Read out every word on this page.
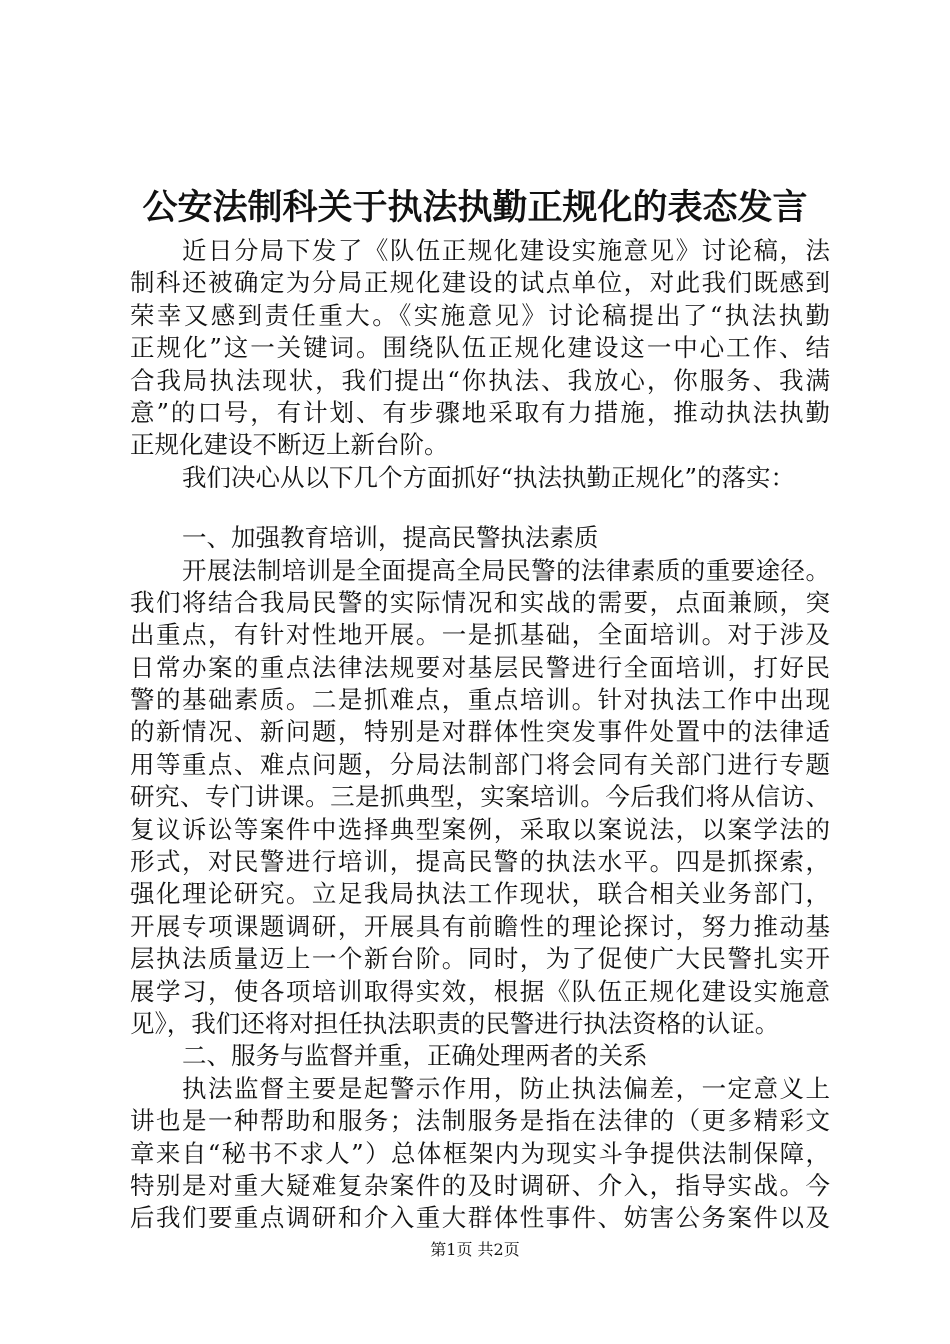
公安法制科关于执法执勤正规化的表态发言
近日分局下发了《队伍正规化建设实施意见》讨论稿，法
制科还被确定为分局正规化建设的试点单位，对此我们既感到
荣幸又感到责任重大。《实施意见》讨论稿提出了“执法执勤
正规化”这一关键词。围绕队伍正规化建设这一中心工作、结
合我局执法现状，我们提出“你执法、我放心，你服务、我满
意”的口号，有计划、有步骤地采取有力措施，推动执法执勤
正规化建设不断迈上新台阶。
我们决心从以下几个方面抓好“执法执勤正规化”的落实：
一、加强教育培训，提高民警执法素质
开展法制培训是全面提高全局民警的法律素质的重要途径。
我们将结合我局民警的实际情况和实战的需要，点面兼顾，突
出重点，有针对性地开展。一是抓基础，全面培训。对于涉及
日常办案的重点法律法规要对基层民警进行全面培训，打好民
警的基础素质。二是抓难点，重点培训。针对执法工作中出现
的新情况、新问题，特别是对群体性突发事件处置中的法律适
用等重点、难点问题，分局法制部门将会同有关部门进行专题
研究、专门讲课。三是抓典型，实案培训。今后我们将从信访、
复议诉讼等案件中选择典型案例，采取以案说法，以案学法的
形式，对民警进行培训，提高民警的执法水平。四是抓探索，
强化理论研究。立足我局执法工作现状，联合相关业务部门，
开展专项课题调研，开展具有前瞻性的理论探讨，努力推动基
层执法质量迈上一个新台阶。同时，为了促使广大民警扎实开
展学习，使各项培训取得实效，根据《队伍正规化建设实施意
见》，我们还将对担任执法职责的民警进行执法资格的认证。
二、服务与监督并重，正确处理两者的关系
执法监督主要是起警示作用，防止执法偏差，一定意义上
讲也是一种帮助和服务；法制服务是指在法律的（更多精彩文
章来自“秘书不求人”）总体框架内为现实斗争提供法制保障，
特别是对重大疑难复杂案件的及时调研、介入，指导实战。今
后我们要重点调研和介入重大群体性事件、妨害公务案件以及
第1页 共2页
